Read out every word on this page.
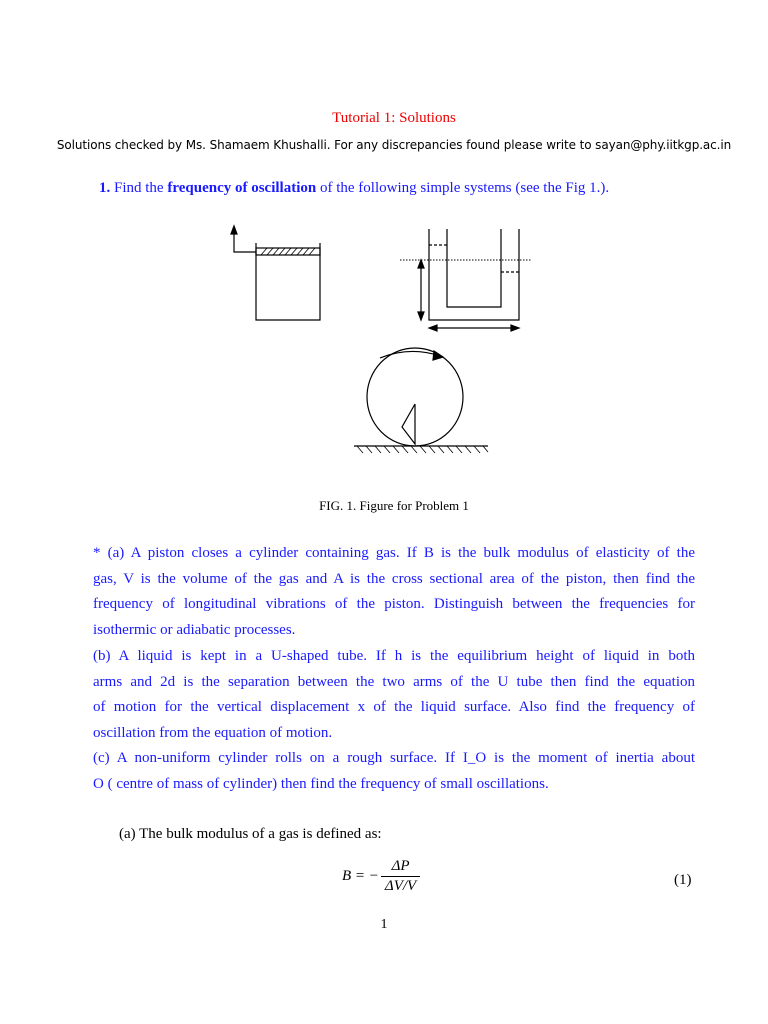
Tutorial 1: Solutions
Solutions checked by Ms. Shamaem Khushalli. For any discrepancies found please write to sayan@phy.iitkgp.ac.in
1. Find the frequency of oscillation of the following simple systems (see the Fig 1.).
FIG. 1. Figure for Problem 1
* (a) A piston closes a cylinder containing gas. If B is the bulk modulus of elasticity of the
gas, V is the volume of the gas and A is the cross sectional area of the piston, then find the
frequency of longitudinal vibrations of the piston. Distinguish between the frequencies for
isothermic or adiabatic processes.
(b) A liquid is kept in a U-shaped tube. If h is the equilibrium height of liquid in both
arms and 2d is the separation between the two arms of the U tube then find the equation
of motion for the vertical displacement x of the liquid surface. Also find the frequency of
oscillation from the equation of motion.
(c) A non-uniform cylinder rolls on a rough surface. If I_O is the moment of inertia about
O ( centre of mass of cylinder) then find the frequency of small oscillations.
(a) The bulk modulus of a gas is defined as:
B = −
ΔP
ΔV/V	(1)
1
